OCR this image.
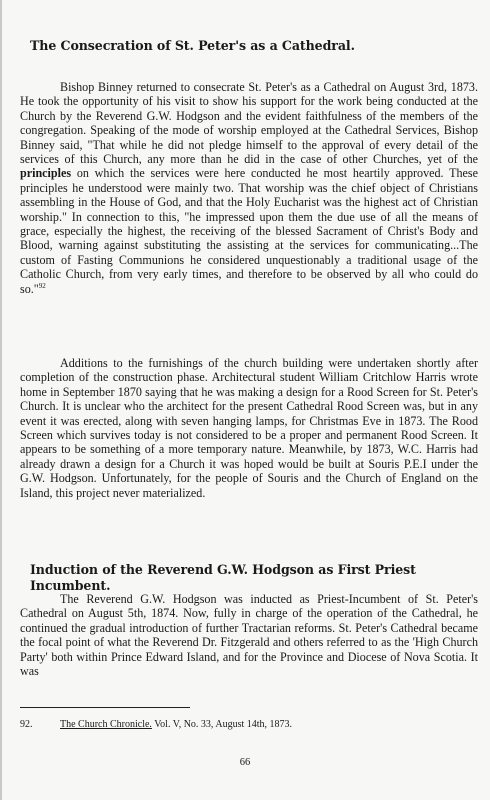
The Consecration of St. Peter's as a Cathedral.

Bishop Binney returned to consecrate St. Peter's as a Cathedral on August 3rd, 1873. He took the opportunity of his visit to show his support for the work being conducted at the Church by the Reverend G.W. Hodgson and the evident faithfulness of the members of the congregation. Speaking of the mode of worship employed at the Cathedral Services, Bishop Binney said, "That while he did not pledge himself to the approval of every detail of the services of this Church, any more than he did in the case of other Churches, yet of the principles on which the services were here conducted he most heartily approved. These principles he understood were mainly two. That worship was the chief object of Christians assembling in the House of God, and that the Holy Eucharist was the highest act of Christian worship." In connection to this, "he impressed upon them the due use of all the means of grace, especially the highest, the receiving of the blessed Sacrament of Christ's Body and Blood, warning against substituting the assisting at the services for communicating...The custom of Fasting Communions he considered unquestionably a traditional usage of the Catholic Church, from very early times, and therefore to be observed by all who could do so."$^{92}$

Additions to the furnishings of the church building were undertaken shortly after completion of the construction phase. Architectural student William Critchlow Harris wrote home in September 1870 saying that he was making a design for a Rood Screen for St. Peter's Church. It is unclear who the architect for the present Cathedral Rood Screen was, but in any event it was erected, along with seven hanging lamps, for Christmas Eve in 1873. The Rood Screen which survives today is not considered to be a proper and permanent Rood Screen. It appears to be something of a more temporary nature. Meanwhile, by 1873, W.C. Harris had already drawn a design for a Church it was hoped would be built at Souris P.E.I under the G.W. Hodgson. Unfortunately, for the people of Souris and the Church of England on the Island, this project never materialized.

Induction of the Reverend G.W. Hodgson as First Priest Incumbent.

The Reverend G.W. Hodgson was inducted as Priest-Incumbent of St. Peter's Cathedral on August 5th, 1874. Now, fully in charge of the operation of the Cathedral, he continued the gradual introduction of further Tractarian reforms. St. Peter's Cathedral became the focal point of what the Reverend Dr. Fitzgerald and others referred to as the 'High Church Party' both within Prince Edward Island, and for the Province and Diocese of Nova Scotia. It was

92.	The Church Chronicle. Vol. V, No. 33, August 14th, 1873.

66
